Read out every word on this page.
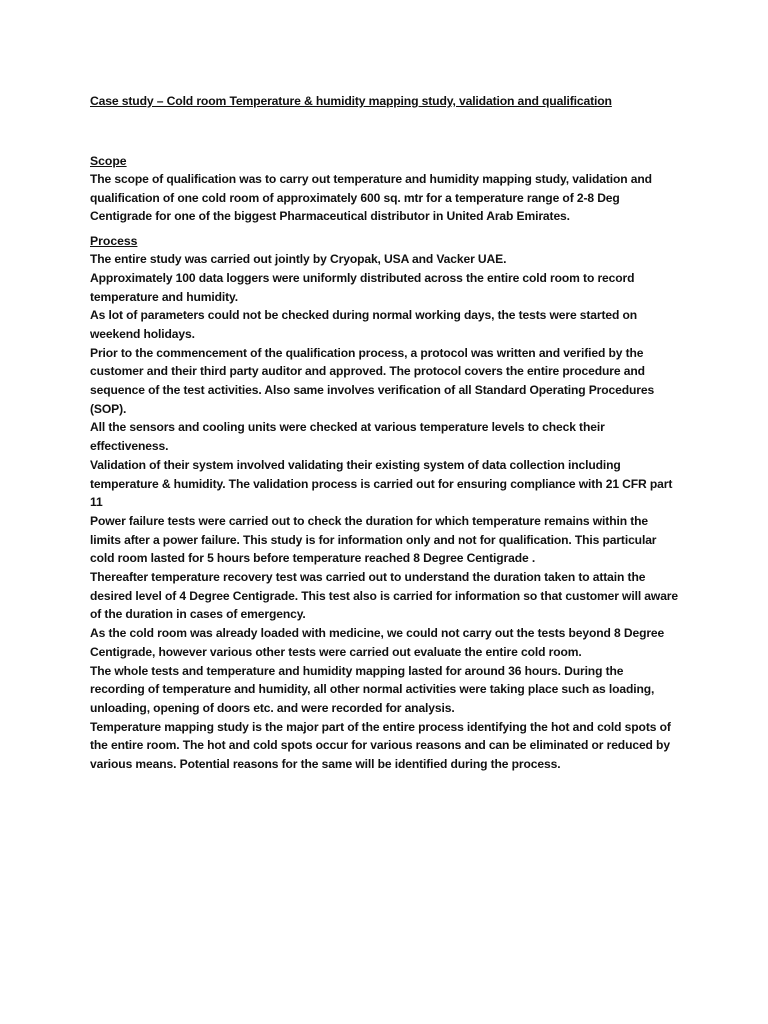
Case study – Cold room Temperature & humidity mapping study, validation and qualification
Scope

The scope of qualification was to carry out temperature and humidity mapping study, validation and qualification of one cold room of approximately 600 sq. mtr for a temperature range of 2-8 Deg Centigrade for one of the biggest Pharmaceutical distributor in United Arab Emirates.

Process

The entire study was carried out jointly by Cryopak, USA and Vacker UAE.

Approximately 100 data loggers were uniformly distributed across the entire cold room to record temperature and humidity.

As lot of parameters could not be checked during normal working days, the tests were started on weekend holidays.

Prior to the commencement of the qualification process, a protocol was written and verified by the customer and their third party auditor and approved. The protocol covers the entire procedure and sequence of the test activities. Also same involves verification of all Standard Operating Procedures (SOP).

All the sensors and cooling units were checked at various temperature levels to check their effectiveness.

Validation of their system involved validating their existing system of data collection including temperature & humidity. The validation process is carried out for ensuring compliance with 21 CFR part 11

Power failure tests were carried out to check the duration for which temperature remains within the limits after a power failure. This study is for information only and not for qualification. This particular cold room lasted for 5 hours before temperature reached 8 Degree Centigrade .

Thereafter temperature recovery test was carried out to understand the duration taken to attain the desired level of 4 Degree Centigrade. This test also is carried for information so that customer will aware of the duration in cases of emergency.

As the cold room was already loaded with medicine, we could not carry out the tests beyond 8 Degree Centigrade, however various other tests were carried out evaluate the entire cold room.

The whole tests and temperature and humidity mapping lasted for around 36 hours. During the recording of temperature and humidity, all other normal activities were taking place such as loading, unloading, opening of doors etc. and were recorded for analysis.

Temperature mapping study is the major part of the entire process identifying the hot and cold spots of the entire room. The hot and cold spots occur for various reasons and can be eliminated or reduced by various means. Potential reasons for the same will be identified during the process.
